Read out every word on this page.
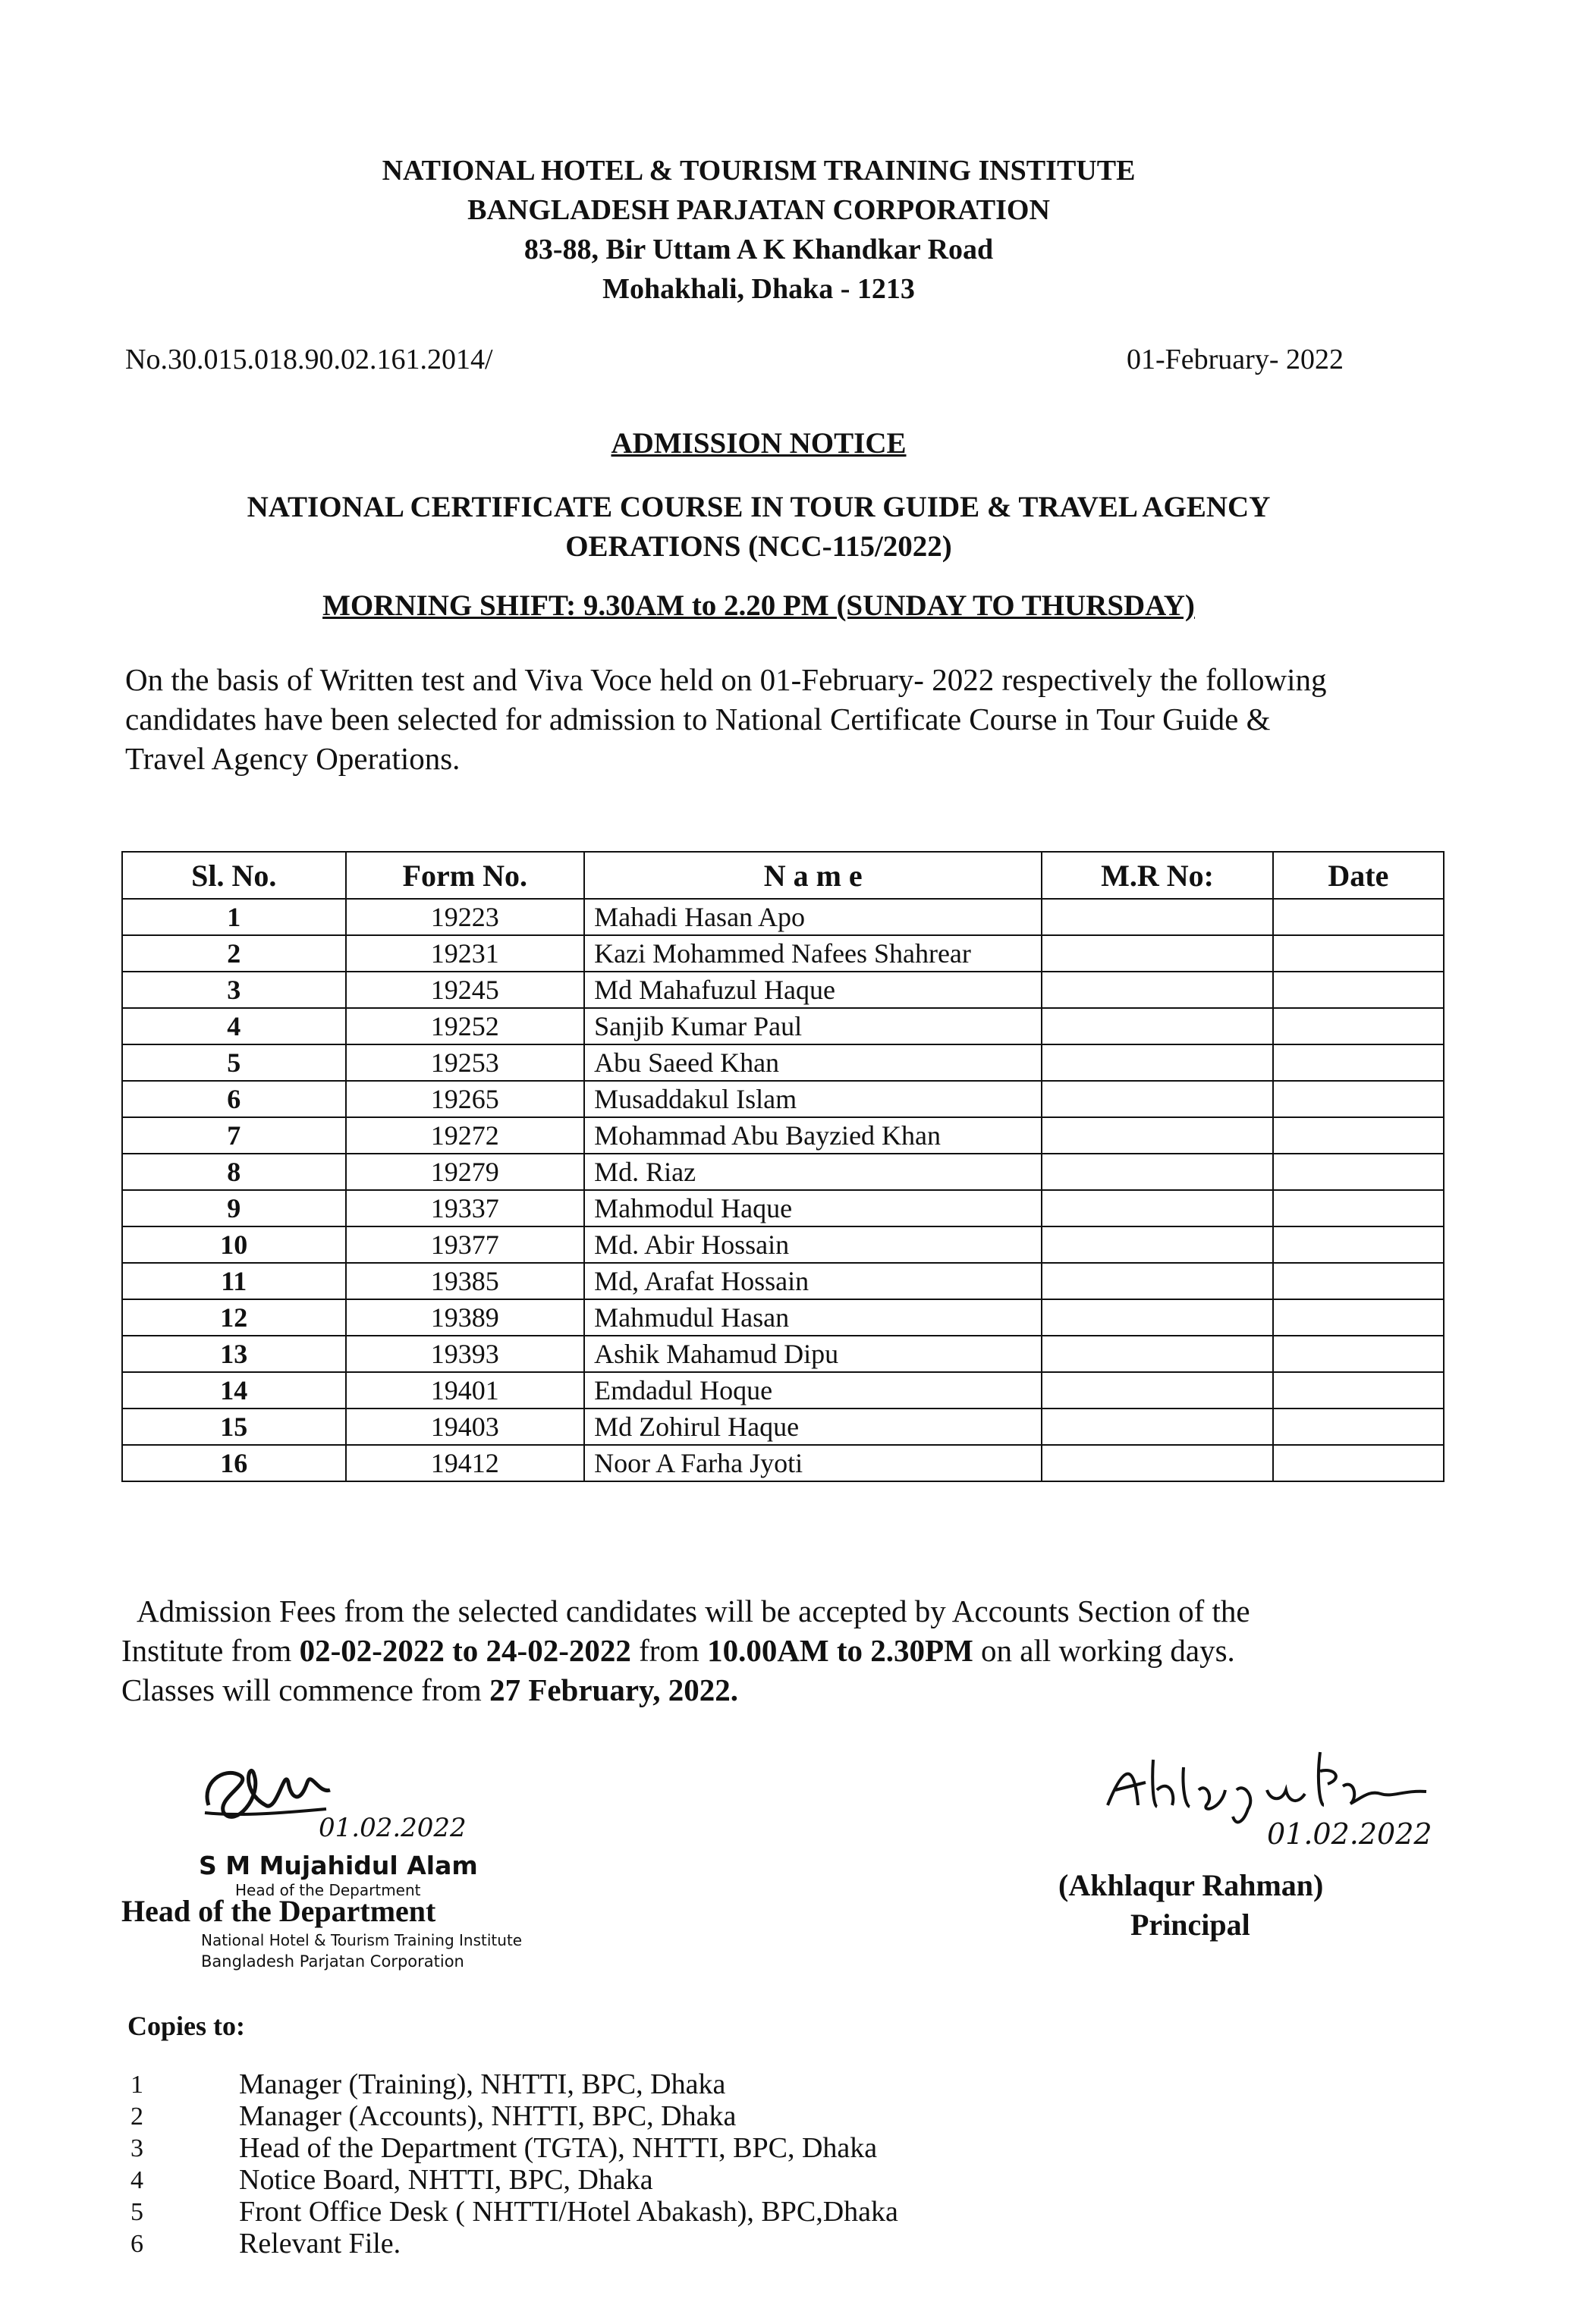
NATIONAL HOTEL & TOURISM TRAINING INSTITUTE
BANGLADESH PARJATAN CORPORATION
83-88, Bir Uttam A K Khandkar Road
Mohakhali, Dhaka - 1213
No.30.015.018.90.02.161.2014/	01-February- 2022
ADMISSION NOTICE
NATIONAL CERTIFICATE COURSE IN TOUR GUIDE & TRAVEL AGENCY
OERATIONS (NCC-115/2022)
MORNING SHIFT: 9.30AM to 2.20 PM (SUNDAY TO THURSDAY)
On the basis of Written test and Viva Voce held on 01-February- 2022 respectively the following
candidates have been selected for admission to National Certificate Course in Tour Guide &
Travel Agency Operations.
Sl. No.	Form No.	N a m e	M.R No:	Date
1	19223	Mahadi Hasan Apo		
2	19231	Kazi Mohammed Nafees Shahrear		
3	19245	Md Mahafuzul Haque		
4	19252	Sanjib Kumar Paul		
5	19253	Abu Saeed Khan		
6	19265	Musaddakul Islam		
7	19272	Mohammad Abu Bayzied Khan		
8	19279	Md. Riaz		
9	19337	Mahmodul Haque		
10	19377	Md. Abir Hossain		
11	19385	Md, Arafat Hossain		
12	19389	Mahmudul Hasan		
13	19393	Ashik Mahamud Dipu		
14	19401	Emdadul Hoque		
15	19403	Md Zohirul Haque		
16	19412	Noor A Farha Jyoti		
Admission Fees from the selected candidates will be accepted by Accounts Section of the
Institute from 02-02-2022 to 24-02-2022 from 10.00AM to 2.30PM on all working days.
Classes will commence from 27 February, 2022.
01.02.2022
S M Mujahidul Alam
Head of the Department
Head of the Department
National Hotel & Tourism Training Institute
Bangladesh Parjatan Corporation
01.02.2022
(Akhlaqur Rahman)
Principal
Copies to:
1	Manager (Training), NHTTI, BPC, Dhaka
2	Manager (Accounts), NHTTI, BPC, Dhaka
3	Head of the Department (TGTA), NHTTI, BPC, Dhaka
4	Notice Board, NHTTI, BPC, Dhaka
5	Front Office Desk ( NHTTI/Hotel Abakash), BPC,Dhaka
6	Relevant File.
